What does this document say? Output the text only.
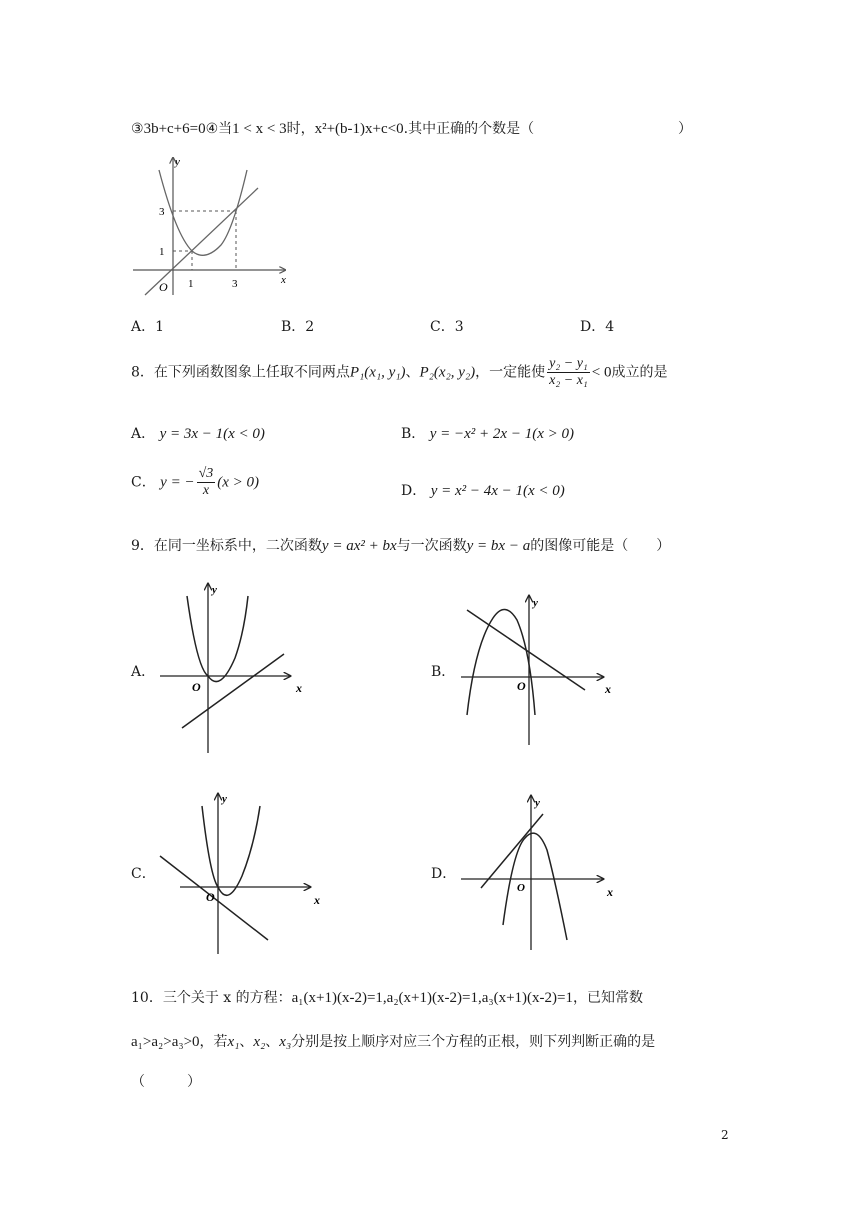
③3b+c+6=0④当1 < x < 3时，x²+(b-1)x+c<0.其中正确的个数是（	）
y
x
O 1	3
1
3
A．1	B．2	C．3	D．4
8．在下列函数图象上任取不同两点P₁(x₁, y₁)、P₂(x₂, y₂)，一定能使 $\frac{\text{y₂ − y₁}}{\text{x₂ − x₁}} < 0$成立的是
A． y = 3x − 1(x < 0)	B． y = −x² + 2x − 1(x > 0)
C． y = − $\frac{√3}{x} (x > 0)$
D． y = x² − 4x − 1(x < 0)
9．在同一坐标系中，二次函数y = ax² + bx与一次函数y = bx − a的图像可能是（　　）
A．
y
x
O
B．
y
x
O
C．
y
x
O
D．
y
x
O
10．三个关于 x 的方程：a₁(x+1)(x-2)=1,a₂(x+1)(x-2)=1,a₃(x+1)(x-2)=1，已知常数
a₁>a₂>a₃>0，若x₁、x₂、x₃分别是按上顺序对应三个方程的正根，则下列判断正确的是
（　　　）
2
